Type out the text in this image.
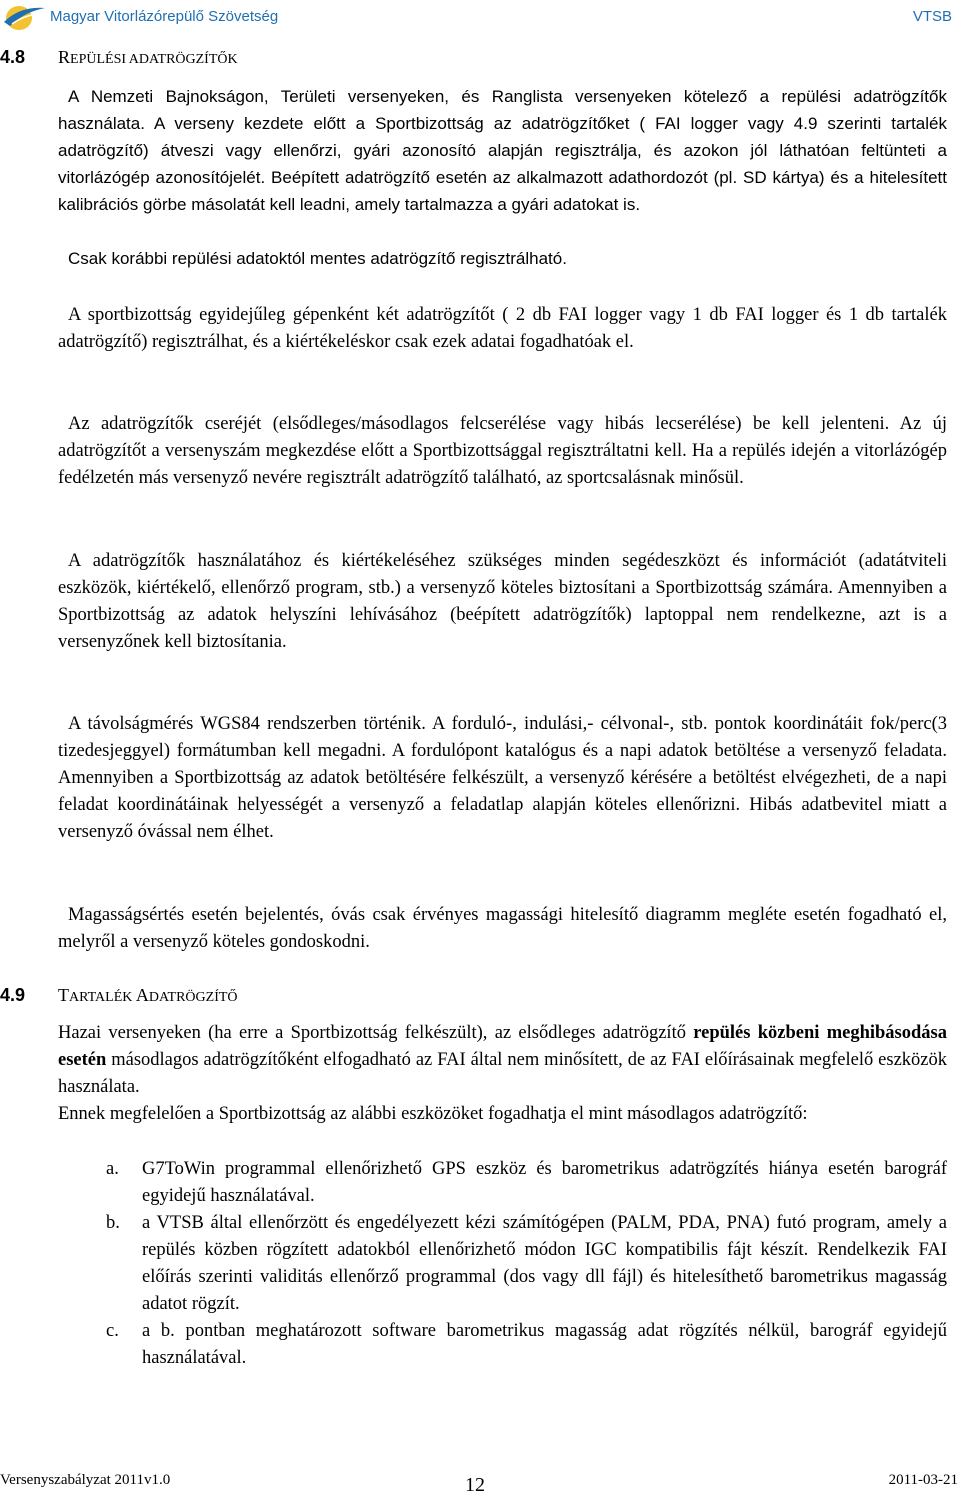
Magyar Vitorlázórepülő Szövetség	VTSB
4.8 REPÜLÉSI ADATRÖGZÍTŐK
A Nemzeti Bajnokságon, Területi versenyeken, és Ranglista versenyeken kötelező a repülési adatrögzítők használata. A verseny kezdete előtt a Sportbizottság az adatrögzítőket ( FAI logger vagy 4.9 szerinti tartalék adatrögzítő) átveszi vagy ellenőrzi, gyári azonosító alapján regisztrálja, és azokon jól láthatóan feltünteti a vitorlázógép azonosítójelét. Beépített adatrögzítő esetén az alkalmazott adathordozót (pl. SD kártya) és a hitelesített kalibrációs görbe másolatát kell leadni, amely tartalmazza a gyári adatokat is.
Csak korábbi repülési adatoktól mentes adatrögzítő regisztrálható.
A sportbizottság egyidejűleg gépenként két adatrögzítőt ( 2 db FAI logger vagy 1 db FAI logger és 1 db tartalék adatrögzítő) regisztrálhat, és a kiértékeléskor csak ezek adatai fogadhatóak el.
Az adatrögzítők cseréjét (elsődleges/másodlagos felcserélése vagy hibás lecserélése) be kell jelenteni. Az új adatrögzítőt a versenyszám megkezdése előtt a Sportbizottsággal regisztráltatni kell. Ha a repülés idején a vitorlázógép fedélzetén más versenyző nevére regisztrált adatrögzítő található, az sportcsalásnak minősül.
A adatrögzítők használatához és kiértékeléséhez szükséges minden segédeszközt és információt (adatátviteli eszközök, kiértékelő, ellenőrző program, stb.) a versenyző köteles biztosítani a Sportbizottság számára. Amennyiben a Sportbizottság az adatok helyszíni lehívásához (beépített adatrögzítők) laptoppal nem rendelkezne, azt is a versenyzőnek kell biztosítania.
A távolságmérés WGS84 rendszerben történik. A forduló-, indulási,- célvonal-, stb. pontok koordinátáit fok/perc(3 tizedesjeggyel) formátumban kell megadni. A fordulópont katalógus és a napi adatok betöltése a versenyző feladata. Amennyiben a Sportbizottság az adatok betöltésére felkészült, a versenyző kérésére a betöltést elvégezheti, de a napi feladat koordinátáinak helyességét a versenyző a feladatlap alapján köteles ellenőrizni. Hibás adatbevitel miatt a versenyző óvással nem élhet.
Magasságsértés esetén bejelentés, óvás csak érvényes magassági hitelesítő diagramm megléte esetén fogadható el, melyről a versenyző köteles gondoskodni.
4.9 TARTALÉK ADATRÖGZÍTŐ
Hazai versenyeken (ha erre a Sportbizottság felkészült), az elsődleges adatrögzítő repülés közbeni meghibásodása esetén másodlagos adatrögzítőként elfogadható az FAI által nem minősített, de az FAI előírásainak megfelelő eszközök használata.
Ennek megfelelően a Sportbizottság az alábbi eszközöket fogadhatja el mint másodlagos adatrögzítő:
a. G7ToWin programmal ellenőrizhető GPS eszköz és barometrikus adatrögzítés hiánya esetén barográf egyidejű használatával.
b. a VTSB által ellenőrzött és engedélyezett kézi számítógépen (PALM, PDA, PNA) futó program, amely a repülés közben rögzített adatokból ellenőrizhető módon IGC kompatibilis fájt készít. Rendelkezik FAI előírás szerinti validitás ellenőrző programmal (dos vagy dll fájl) és hitelesíthető barometrikus magasság adatot rögzít.
c. a b. pontban meghatározott software barometrikus magasság adat rögzítés nélkül, barográf egyidejű használatával.
Versenyszabályzat 2011v1.0	12	2011-03-21
